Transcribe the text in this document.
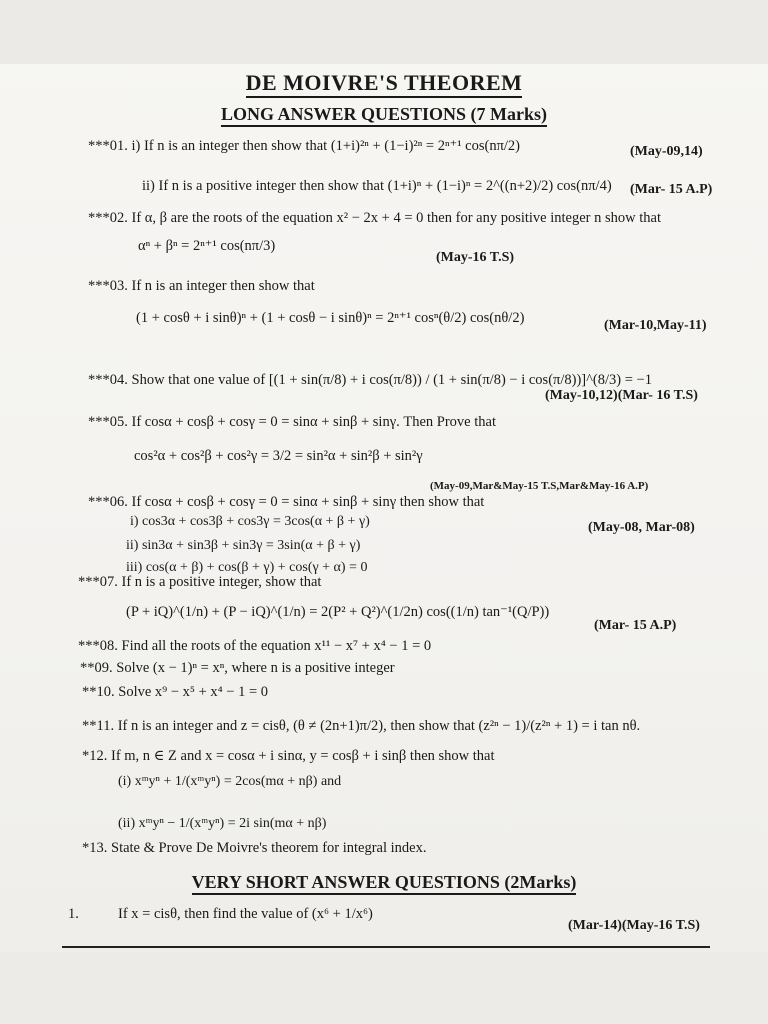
DE MOIVRE'S THEOREM
LONG ANSWER QUESTIONS (7 Marks)
***01. i) If n is an integer then show that (1+i)²ⁿ + (1−i)²ⁿ = 2ⁿ⁺¹ cos(nπ/2)	(May-09,14)
ii) If n is a positive integer then show that (1+i)ⁿ + (1−i)ⁿ = 2^((n+2)/2) cos(nπ/4) (Mar- 15 A.P)
***02. If α, β are the roots of the equation x² − 2x + 4 = 0 then for any positive integer n show that
αⁿ + βⁿ = 2ⁿ⁺¹ cos(nπ/3)
(May-16 T.S)
***03. If n is an integer then show that
(1 + cosθ + i sinθ)ⁿ + (1 + cosθ − i sinθ)ⁿ = 2ⁿ⁺¹ cosⁿ(θ/2) cos(nθ/2)	(Mar-10,May-11)
***04. Show that one value of [(1 + sin(π/8) + i cos(π/8)) / (1 + sin(π/8) − i cos(π/8))]^(8/3) = −1
(May-10,12)(Mar- 16 T.S)
***05. If cosα + cosβ + cosγ = 0 = sinα + sinβ + sinγ. Then Prove that
cos²α + cos²β + cos²γ = 3/2 = sin²α + sin²β + sin²γ
(May-09,Mar&May-15 T.S,Mar&May-16 A.P)
***06. If cosα + cosβ + cosγ = 0 = sinα + sinβ + sinγ then show that
i) cos3α + cos3β + cos3γ = 3cos(α + β + γ)	(May-08, Mar-08)
ii) sin3α + sin3β + sin3γ = 3sin(α + β + γ)
iii) cos(α + β) + cos(β + γ) + cos(γ + α) = 0
***07. If n is a positive integer, show that
(P + iQ)^(1/n) + (P − iQ)^(1/n) = 2(P² + Q²)^(1/2n) cos((1/n) tan⁻¹(Q/P))
(Mar- 15 A.P)
***08. Find all the roots of the equation x¹¹ − x⁷ + x⁴ − 1 = 0
**09. Solve (x − 1)ⁿ = xⁿ, where n is a positive integer
**10. Solve x⁹ − x⁵ + x⁴ − 1 = 0
**11. If n is an integer and z = cisθ, (θ ≠ (2n+1)π/2), then show that (z²ⁿ − 1)/(z²ⁿ + 1) = i tan nθ.
*12. If m, n ∈ Z and x = cosα + i sinα, y = cosβ + i sinβ then show that
(i) xᵐyⁿ + 1/(xᵐyⁿ) = 2cos(mα + nβ) and
(ii) xᵐyⁿ − 1/(xᵐyⁿ) = 2i sin(mα + nβ)
*13. State & Prove De Moivre's theorem for integral index.
VERY SHORT ANSWER QUESTIONS (2Marks)
1.	If x = cisθ, then find the value of (x⁶ + 1/x⁶)
(Mar-14)(May-16 T.S)
